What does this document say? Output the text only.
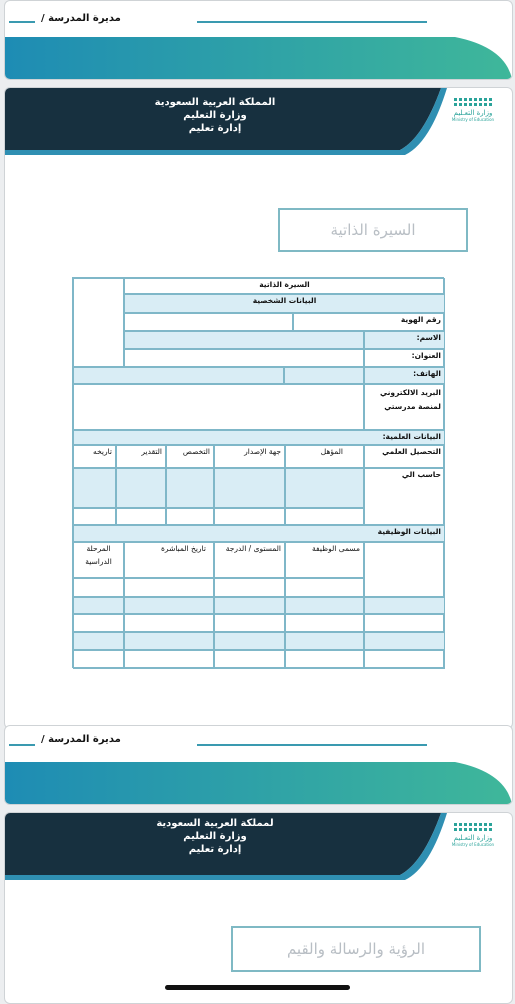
مديرة المدرسة /
المملكة العربية السعودية
وزارة التعليم
إدارة تعليم
وزارة التعـليم
Ministry of Education
السيرة الذاتية
السيرة الذاتية
البيانات الشخصية
رقم الهوية
الاسم:
العنوان:
الهاتف:
البريد الالكتروني
لمنصة مدرستي
البيانات العلمية:
تاريخه	التقدير	التخصص	جهة الإصدار	المؤهل	التحصيل العلمي
حاسب الي
البيانات الوظيفية
المرحلة
الدراسية
تاريخ المباشرة	المستوى / الدرجة	مسمى الوظيفة
مديرة المدرسة /
لمملكة العربية السعودية
وزارة التعليم
إدارة تعليم
وزارة التعـليم
Ministry of Education
الرؤية والرسالة والقيم
